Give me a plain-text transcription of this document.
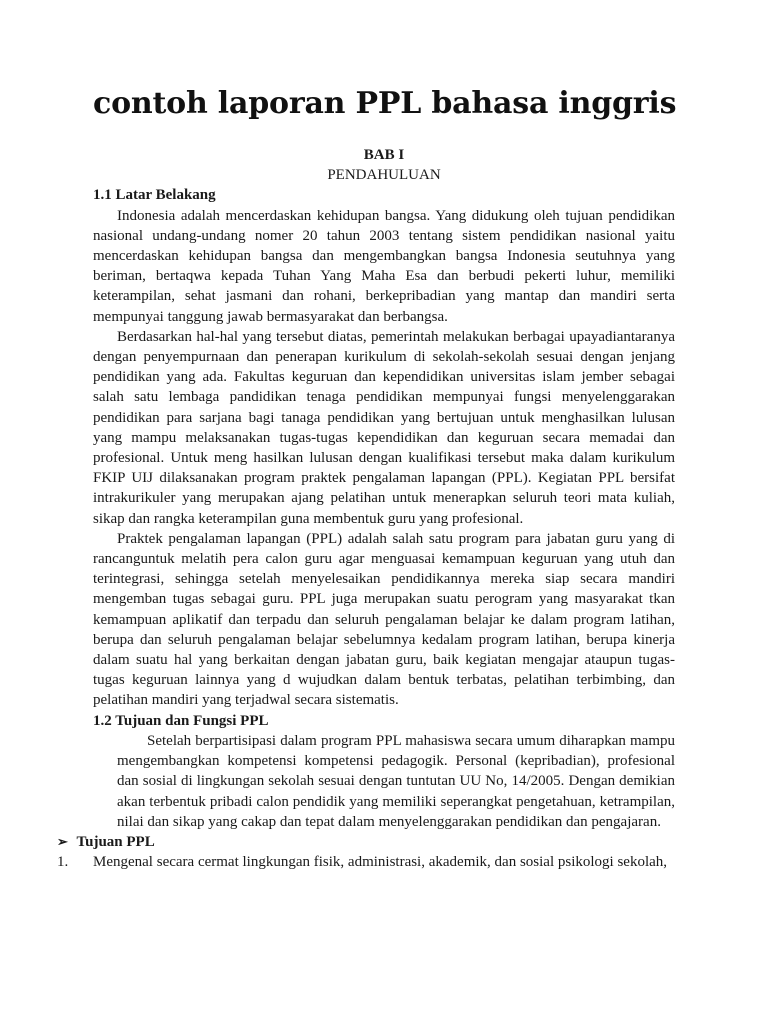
contoh laporan PPL bahasa inggris
BAB I
PENDAHULUAN
1.1 Latar Belakang

Indonesia adalah mencerdaskan kehidupan bangsa. Yang didukung oleh tujuan pendidikan nasional undang-undang nomer 20 tahun 2003 tentang sistem pendidikan nasional yaitu mencerdaskan kehidupan bangsa dan mengembangkan bangsa Indonesia seutuhnya yang beriman, bertaqwa kepada Tuhan Yang Maha Esa dan berbudi pekerti luhur, memiliki keterampilan, sehat jasmani dan rohani, berkepribadian yang mantap dan mandiri serta mempunyai tanggung jawab bermasyarakat dan berbangsa.

Berdasarkan hal-hal yang tersebut diatas, pemerintah melakukan berbagai upayadiantaranya dengan penyempurnaan dan penerapan kurikulum di sekolah-sekolah sesuai dengan jenjang pendidikan yang ada. Fakultas keguruan dan kependidikan universitas islam jember sebagai salah satu lembaga pandidikan tenaga pendidikan mempunyai fungsi menyelenggarakan pendidikan para sarjana bagi tanaga pendidikan yang bertujuan untuk menghasilkan lulusan yang mampu melaksanakan tugas-tugas kependidikan dan keguruan secara memadai dan profesional. Untuk meng hasilkan lulusan dengan kualifikasi tersebut maka dalam kurikulum FKIP UIJ dilaksanakan program praktek pengalaman lapangan (PPL). Kegiatan PPL bersifat intrakurikuler yang merupakan ajang pelatihan untuk menerapkan seluruh teori mata kuliah, sikap dan rangka keterampilan guna membentuk guru yang profesional.

Praktek pengalaman lapangan (PPL) adalah salah satu program para jabatan guru yang di rancanguntuk melatih pera calon guru agar menguasai kemampuan keguruan yang utuh dan terintegrasi, sehingga setelah menyelesaikan pendidikannya mereka siap secara mandiri mengemban tugas sebagai guru. PPL juga merupakan suatu perogram yang masyarakat tkan kemampuan aplikatif dan terpadu dan seluruh pengalaman belajar ke dalam program latihan, berupa dan seluruh pengalaman belajar sebelumnya kedalam program latihan, berupa kinerja dalam suatu hal yang berkaitan dengan jabatan guru, baik kegiatan mengajar ataupun tugas-tugas keguruan lainnya yang d wujudkan dalam bentuk terbatas, pelatihan terbimbing, dan pelatihan mandiri yang terjadwal secara sistematis.

1.2 Tujuan dan Fungsi PPL

Setelah berpartisipasi dalam program PPL mahasiswa secara umum diharapkan mampu mengembangkan kompetensi kompetensi pedagogik. Personal (kepribadian), profesional dan sosial di lingkungan sekolah sesuai dengan tuntutan UU No, 14/2005. Dengan demikian akan terbentuk pribadi calon pendidik yang memiliki seperangkat pengetahuan, ketrampilan, nilai dan sikap yang cakap dan tepat dalam menyelenggarakan pendidikan dan pengajaran.

➢ Tujuan PPL

1. Mengenal secara cermat lingkungan fisik, administrasi, akademik, dan sosial psikologi sekolah,
